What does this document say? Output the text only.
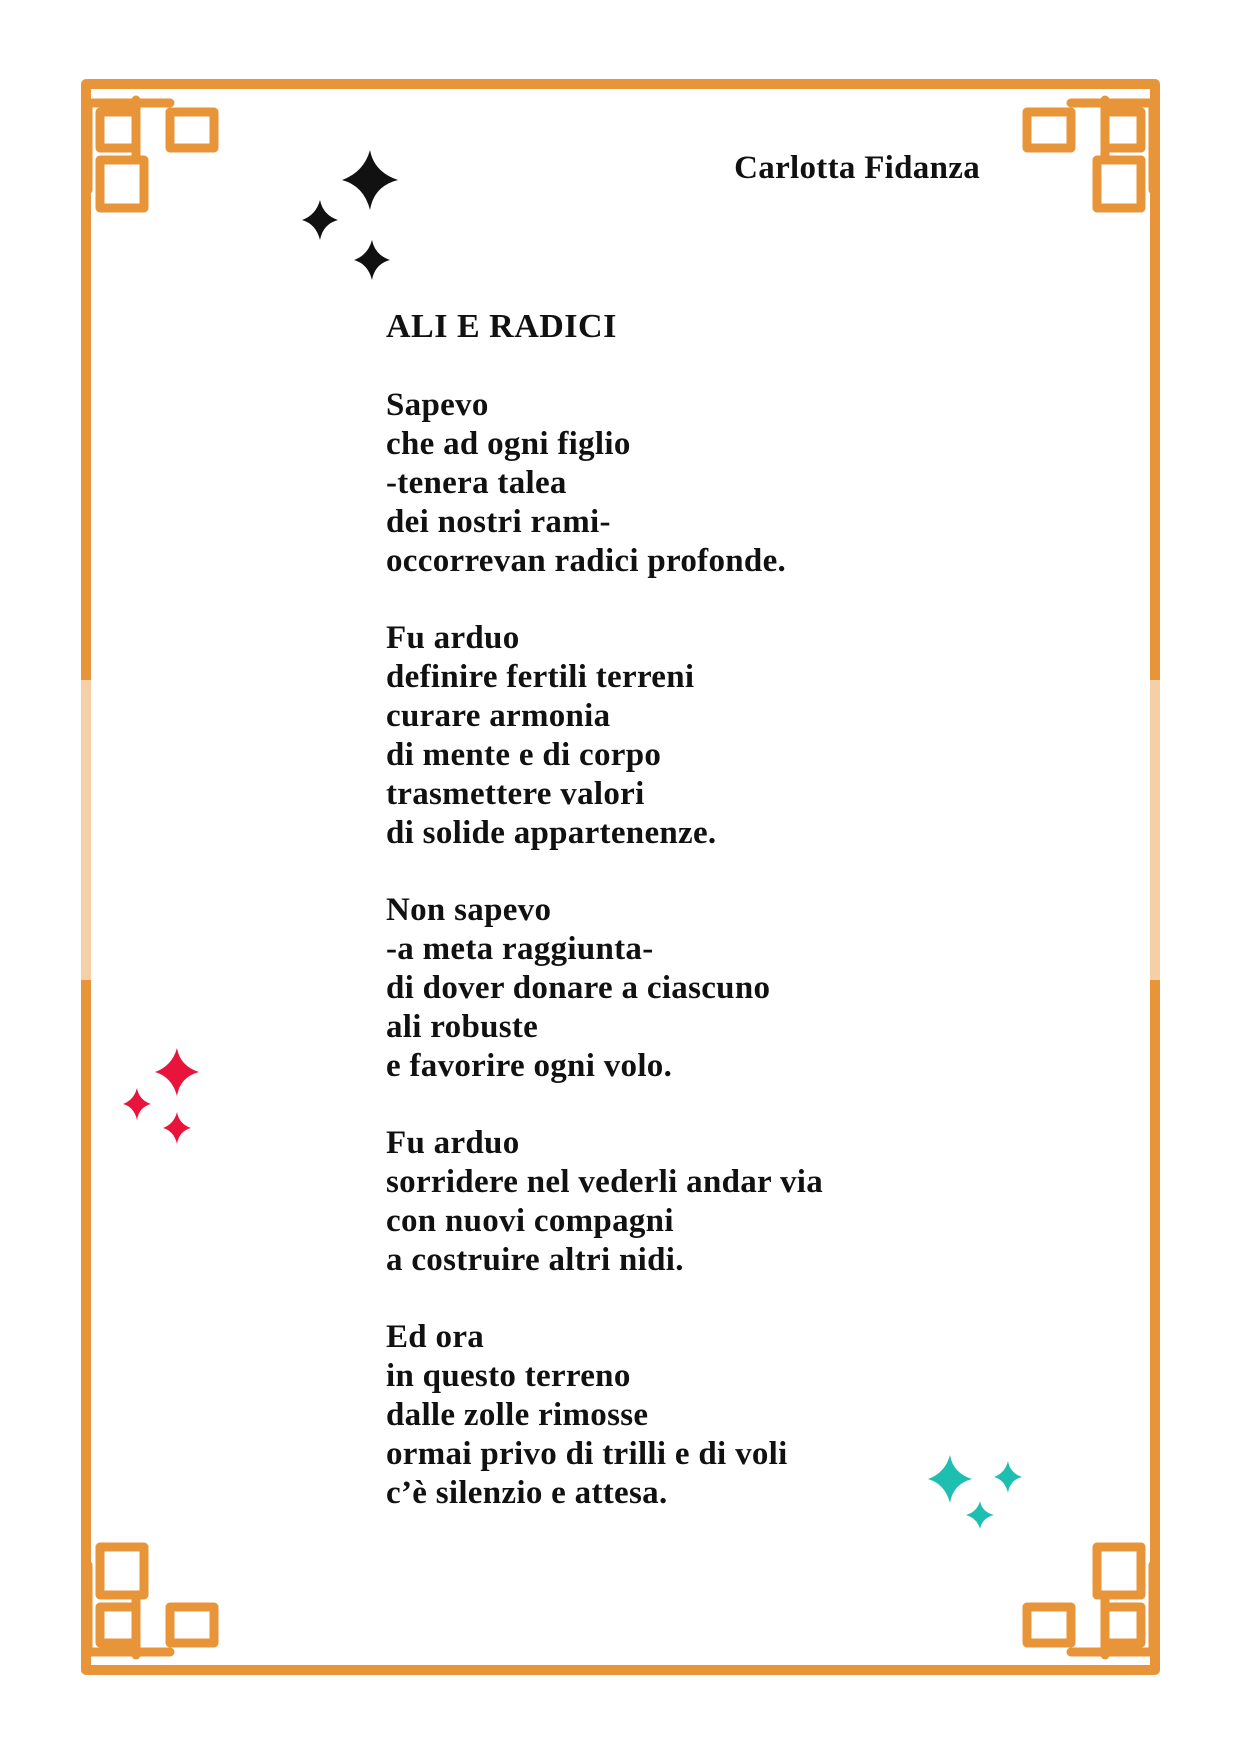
Carlotta Fidanza
ALI E RADICI
Sapevo
che ad ogni figlio
-tenera talea
dei nostri rami-
occorrevan radici profonde.
Fu arduo
definire fertili terreni
curare armonia
di mente e di corpo
trasmettere valori
di solide appartenenze.
Non sapevo
-a meta raggiunta-
di dover donare a ciascuno
ali robuste
e favorire ogni volo.
Fu arduo
sorridere nel vederli andar via
con nuovi compagni
a costruire altri nidi.
Ed ora
in questo terreno
dalle zolle rimosse
ormai privo di trilli e di voli
c’è silenzio e attesa.
